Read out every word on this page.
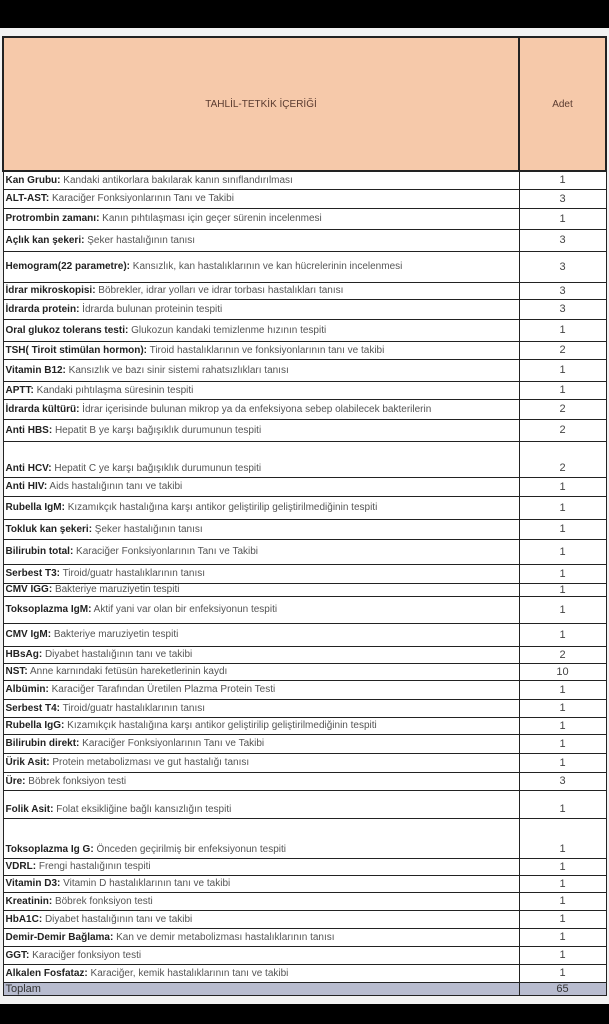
TAHLİL-TETKİK İÇERİĞİ	Adet
Kan Grubu: Kandaki antikorlara bakılarak kanın sınıflandırılması	1
ALT-AST: Karaciğer Fonksiyonlarının Tanı ve Takibi	3
Protrombin zamanı: Kanın pıhtılaşması için geçer sürenin incelenmesi	1
Açlık kan şekeri: Şeker hastalığının tanısı	3
Hemogram(22 parametre): Kansızlık, kan hastalıklarının ve kan hücrelerinin incelenmesi	3
İdrar mikroskopisi: Böbrekler, idrar yolları ve idrar torbası hastalıkları tanısı	3
İdrarda protein: İdrarda bulunan proteinin tespiti	3
Oral glukoz tolerans testi: Glukozun kandaki temizlenme hızının tespiti	1
TSH( Tiroit stimülan hormon): Tiroid hastalıklarının ve fonksiyonlarının tanı ve takibi	2
Vitamin B12: Kansızlık ve bazı sinir sistemi rahatsızlıkları tanısı	1
APTT: Kandaki pıhtılaşma süresinin tespiti	1
İdrarda kültürü: İdrar içerisinde bulunan mikrop ya da enfeksiyona sebep olabilecek bakterilerin	2
Anti HBS: Hepatit B ye karşı bağışıklık durumunun tespiti	2
Anti HCV: Hepatit C ye karşı bağışıklık durumunun tespiti	2
Anti HIV: Aids hastalığının tanı ve takibi	1
Rubella IgM: Kızamıkçık hastalığına karşı antikor geliştirilip geliştirilmediğinin tespiti	1
Tokluk kan şekeri: Şeker hastalığının tanısı	1
Bilirubin total: Karaciğer Fonksiyonlarının Tanı ve Takibi	1
Serbest T3: Tiroid/guatr hastalıklarının tanısı	1
CMV IGG: Bakteriye maruziyetin tespiti	1
Toksoplazma IgM: Aktif yani var olan bir enfeksiyonun tespiti	1
CMV IgM: Bakteriye maruziyetin tespiti	1
HBsAg: Diyabet hastalığının tanı ve takibi	2
NST: Anne karnındaki fetüsün hareketlerinin kaydı	10
Albümin: Karaciğer Tarafından Üretilen Plazma Protein Testi	1
Serbest T4: Tiroid/guatr hastalıklarının tanısı	1
Rubella IgG: Kızamıkçık hastalığına karşı antikor geliştirilip geliştirilmediğinin tespiti	1
Bilirubin direkt: Karaciğer Fonksiyonlarının Tanı ve Takibi	1
Ürik Asit: Protein metabolizması ve gut hastalığı tanısı	1
Üre: Böbrek fonksiyon testi	3
Folik Asit: Folat eksikliğine bağlı kansızlığın tespiti	1
Toksoplazma Ig G: Önceden geçirilmiş bir enfeksiyonun tespiti	1
VDRL: Frengi hastalığının tespiti	1
Vitamin D3: Vitamin D hastalıklarının tanı ve takibi	1
Kreatinin: Böbrek fonksiyon testi	1
HbA1C: Diyabet hastalığının tanı ve takibi	1
Demir-Demir Bağlama: Kan ve demir metabolizması hastalıklarının tanısı	1
GGT: Karaciğer fonksiyon testi	1
Alkalen Fosfataz: Karaciğer, kemik hastalıklarının tanı ve takibi	1
Toplam	65
